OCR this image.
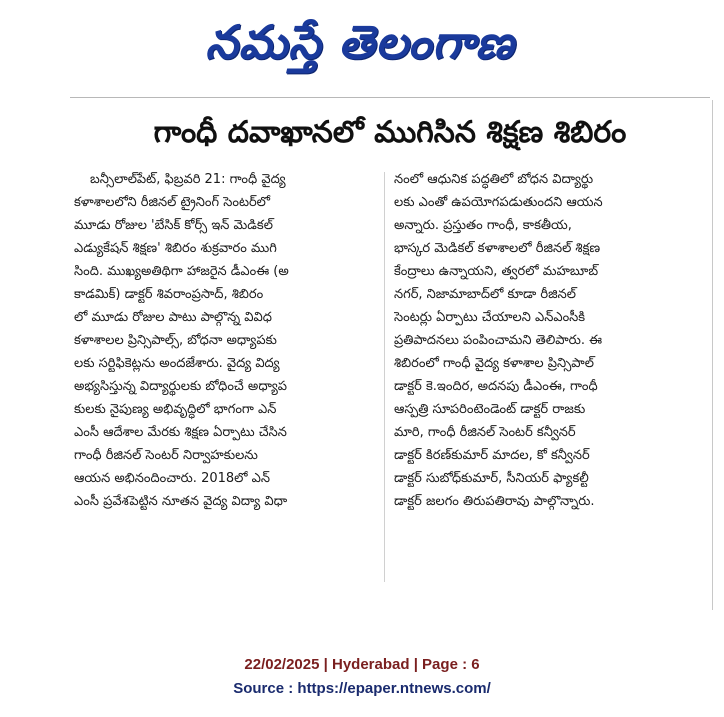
నమస్తే తెలంగాణ
గాంధీ దవాఖానలో ముగిసిన శిక్షణ శిబిరం
బన్సీలాల్‌పేట్, ఫిబ్రవరి 21: గాంధీ వైద్య
కళాశాలలోని రీజినల్ ట్రైనింగ్ సెంటర్‌లో
మూడు రోజుల 'బేసిక్ కోర్స్ ఇన్ మెడికల్
ఎడ్యుకేషన్ శిక్షణ' శిబిరం శుక్రవారం ముగి
సింది. ముఖ్యఅతిథిగా హాజరైన డీఎంఈ (అ
కాడమిక్) డాక్టర్ శివరాంప్రసాద్, శిబిరం
లో మూడు రోజుల పాటు పాల్గొన్న వివిధ
కళాశాలల ప్రిన్సిపాల్స్, బోధనా అధ్యాపకు
లకు సర్టిఫికెట్లను అందజేశారు. వైద్య విద్య
అభ్యసిస్తున్న విద్యార్థులకు బోధించే అధ్యాప
కులకు నైపుణ్య అభివృద్ధిలో భాగంగా ఎన్
ఎంసీ ఆదేశాల మేరకు శిక్షణ ఏర్పాటు చేసిన
గాంధీ రీజినల్ సెంటర్ నిర్వాహకులను
ఆయన అభినందించారు. 2018లో ఎన్
ఎంసీ ప్రవేశపెట్టిన నూతన వైద్య విద్యా విధా
నంలో ఆధునిక పద్ధతిలో బోధన విద్యార్థు
లకు ఎంతో ఉపయోగపడుతుందని ఆయన
అన్నారు. ప్రస్తుతం గాంధీ, కాకతీయ,
భాస్కర మెడికల్ కళాశాలలో రీజినల్ శిక్షణ
కేంద్రాలు ఉన్నాయని, త్వరలో మహబూబ్
నగర్, నిజామాబాద్‌లో కూడా రీజినల్
సెంటర్లు ఏర్పాటు చేయాలని ఎన్ఎంసీకి
ప్రతిపాదనలు పంపించామని తెలిపారు. ఈ
శిబిరంలో గాంధీ వైద్య కళాశాల ప్రిన్సిపాల్
డాక్టర్ కె.ఇందిర, అదనపు డీఎంఈ, గాంధీ
ఆస్పత్రి సూపరింటెండెంట్ డాక్టర్ రాజకు
మారి, గాంధీ రీజినల్ సెంటర్ కన్వీనర్
డాక్టర్ కిరణ్‌కుమార్ మాదల, కో కన్వీనర్
డాక్టర్ సుబోధ్‌కుమార్, సీనియర్ ఫ్యాకల్టీ
డాక్టర్ జలగం తిరుపతిరావు పాల్గొన్నారు.
22/02/2025 | Hyderabad | Page : 6
Source : https://epaper.ntnews.com/
